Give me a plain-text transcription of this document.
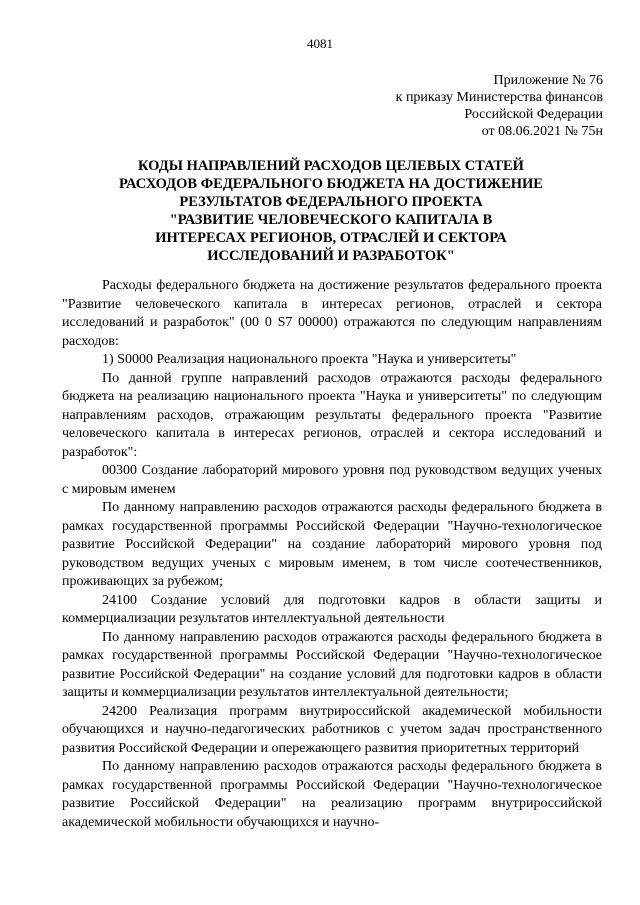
4081
Приложение № 76
к приказу Министерства финансов
Российской Федерации
от 08.06.2021 № 75н
КОДЫ НАПРАВЛЕНИЙ РАСХОДОВ ЦЕЛЕВЫХ СТАТЕЙ
РАСХОДОВ ФЕДЕРАЛЬНОГО БЮДЖЕТА НА ДОСТИЖЕНИЕ
РЕЗУЛЬТАТОВ ФЕДЕРАЛЬНОГО ПРОЕКТА
"РАЗВИТИЕ ЧЕЛОВЕЧЕСКОГО КАПИТАЛА В
ИНТЕРЕСАХ РЕГИОНОВ, ОТРАСЛЕЙ И СЕКТОРА
ИССЛЕДОВАНИЙ И РАЗРАБОТОК"

Расходы федерального бюджета на достижение результатов федерального проекта "Развитие человеческого капитала в интересах регионов, отраслей и сектора исследований и разработок" (00 0 S7 00000) отражаются по следующим направлениям расходов:

1) S0000 Реализация национального проекта "Наука и университеты"

По данной группе направлений расходов отражаются расходы федерального бюджета на реализацию национального проекта "Наука и университеты" по следующим направлениям расходов, отражающим результаты федерального проекта "Развитие человеческого капитала в интересах регионов, отраслей и сектора исследований и разработок":

00300 Создание лабораторий мирового уровня под руководством ведущих ученых с мировым именем

По данному направлению расходов отражаются расходы федерального бюджета в рамках государственной программы Российской Федерации "Научно-технологическое развитие Российской Федерации" на создание лабораторий мирового уровня под руководством ведущих ученых с мировым именем, в том числе соотечественников, проживающих за рубежом;

24100 Создание условий для подготовки кадров в области защиты и коммерциализации результатов интеллектуальной деятельности

По данному направлению расходов отражаются расходы федерального бюджета в рамках государственной программы Российской Федерации "Научно-технологическое развитие Российской Федерации" на создание условий для подготовки кадров в области защиты и коммерциализации результатов интеллектуальной деятельности;

24200 Реализация программ внутрироссийской академической мобильности обучающихся и научно-педагогических работников с учетом задач пространственного развития Российской Федерации и опережающего развития приоритетных территорий

По данному направлению расходов отражаются расходы федерального бюджета в рамках государственной программы Российской Федерации "Научно-технологическое развитие Российской Федерации" на реализацию программ внутрироссийской академической мобильности обучающихся и научно-
